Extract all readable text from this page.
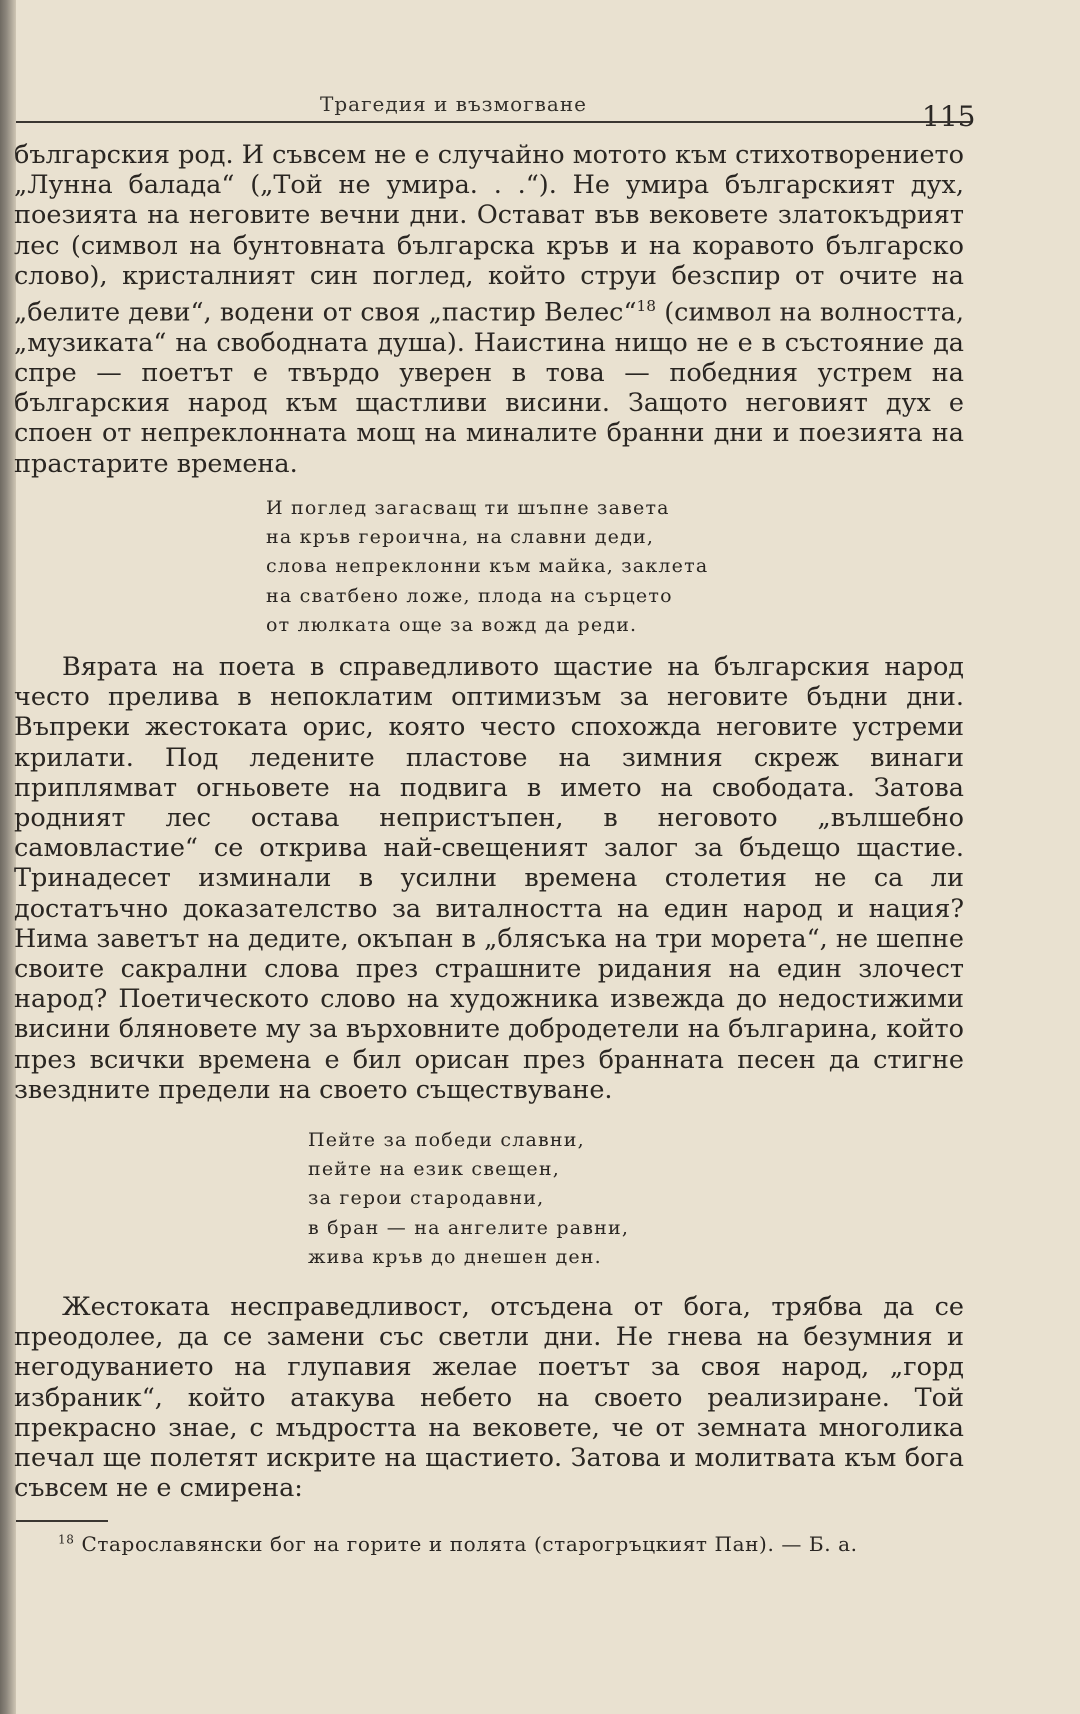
Трагедия и възмогване	115

българския род. И съвсем не е случайно мотото към стихотворението „Лунна балада“ („Той не умира. . .“). Не умира българският дух, поезията на неговите вечни дни. Остават във вековете златокъдрият лес (символ на бунтовната българска кръв и на коравото българско слово), кристалният син поглед, който струи безспир от очите на „белите деви“, водени от своя „пастир Велес“$^{18}$ (символ на волността, „музиката“ на свободната душа). Наистина нищо не е в състояние да спре — поетът е твърдо уверен в това — победния устрем на българския народ към щастливи висини. Защото неговият дух е споен от непреклонната мощ на миналите бранни дни и поезията на прастарите времена.

И поглед загасващ ти шъпне завета
на кръв героична, на славни деди,
слова непреклонни към майка, заклета
на сватбено ложе, плода на сърцето
от люлката още за вожд да реди.

Вярата на поета в справедливото щастие на българския народ често прелива в непоклатим оптимизъм за неговите бъдни дни. Въпреки жестоката орис, която често спохожда неговите устреми крилати. Под ледените пластове на зимния скреж винаги приплямват огньовете на подвига в името на свободата. Затова родният лес остава непристъпен, в неговото „вълшебно самовластие“ се открива най-свещеният залог за бъдещо щастие. Тринадесет изминали в усилни времена столетия не са ли достатъчно доказателство за виталността на един народ и нация? Нима заветът на дедите, окъпан в „блясъка на три морета“, не шепне своите сакрални слова през страшните ридания на един злочест народ? Поетическото слово на художника извежда до недостижими висини бляновете му за върховните добродетели на българина, който през всички времена е бил орисан през бранната песен да стигне звездните предели на своето съществуване.

Пейте за победи славни,
пейте на език свещен,
за герои стародавни,
в бран — на ангелите равни,
жива кръв до днешен ден.

Жестоката несправедливост, отсъдена от бога, трябва да се преодолее, да се замени със светли дни. Не гнева на безумния и негодуванието на глупавия желае поетът за своя народ, „горд избраник“, който атакува небето на своето реализиране. Той прекрасно знае, с мъдростта на вековете, че от земната многолика печал ще полетят искрите на щастието. Затова и молитвата към бога съвсем не е смирена:

$^{18}$ Старославянски бог на горите и полята (старогръцкият Пан). — Б. а.
